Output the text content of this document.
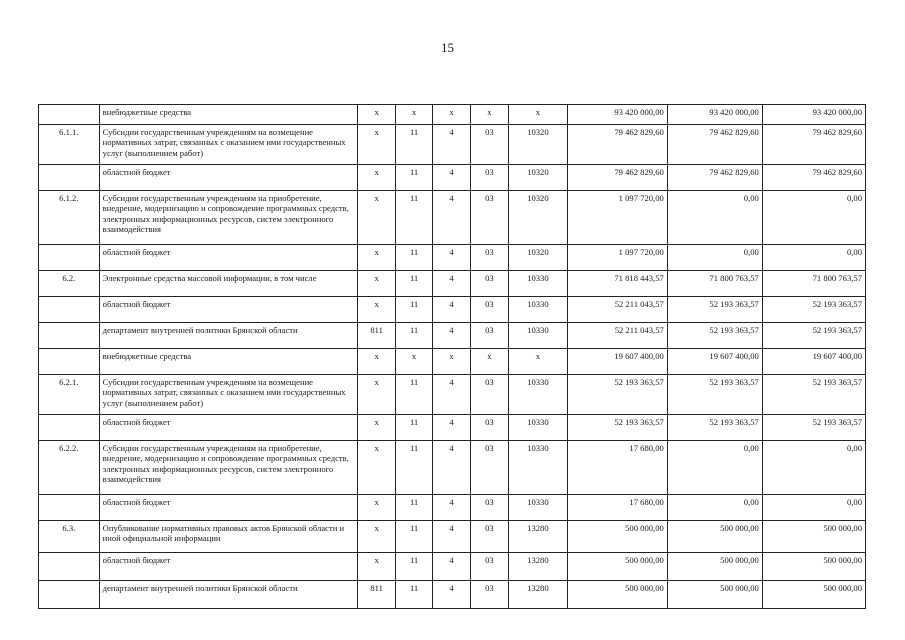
15
	внебюджетные средства	x	x	x	x	x	93 420 000,00	93 420 000,00	93 420 000,00
6.1.1.	Субсидии государственным учреждениям на возмещение нормативных затрат, связанных с оказанием ими государственных услуг (выполнением работ)	x	11	4	03	10320	79 462 829,60	79 462 829,60	79 462 829,60
	областной бюджет	x	11	4	03	10320	79 462 829,60	79 462 829,60	79 462 829,60
6.1.2.	Субсидии государственным учреждениям на приобретение, внедрение, модернизацию и сопровождение программных средств, электронных информационных ресурсов, систем электронного взаимодействия	x	11	4	03	10320	1 097 720,00	0,00	0,00
	областной бюджет	x	11	4	03	10320	1 097 720,00	0,00	0,00
6.2.	Электронные средства массовой информации, в том числе	x	11	4	03	10330	71 818 443,57	71 800 763,57	71 800 763,57
	областной бюджет	x	11	4	03	10330	52 211 043,57	52 193 363,57	52 193 363,57
	департамент внутренней политики Брянской области	811	11	4	03	10330	52 211 043,57	52 193 363,57	52 193 363,57
	внебюджетные средства	x	x	x	x	x	19 607 400,00	19 607 400,00	19 607 400,00
6.2.1.	Субсидии государственным учреждениям на возмещение нормативных затрат, связанных с оказанием ими государственных услуг (выполнением работ)	x	11	4	03	10330	52 193 363,57	52 193 363,57	52 193 363,57
	областной бюджет	x	11	4	03	10330	52 193 363,57	52 193 363,57	52 193 363,57
6.2.2.	Субсидии государственным учреждениям на приобретение, внедрение, модернизацию и сопровождение программных средств, электронных информационных ресурсов, систем электронного взаимодействия	x	11	4	03	10330	17 680,00	0,00	0,00
	областной бюджет	x	11	4	03	10330	17 680,00	0,00	0,00
6.3.	Опубликование нормативных правовых актов Брянской области и иной официальной информации	x	11	4	03	13280	500 000,00	500 000,00	500 000,00
	областной бюджет	x	11	4	03	13280	500 000,00	500 000,00	500 000,00
	департамент внутренней политики Брянской области	811	11	4	03	13280	500 000,00	500 000,00	500 000,00
